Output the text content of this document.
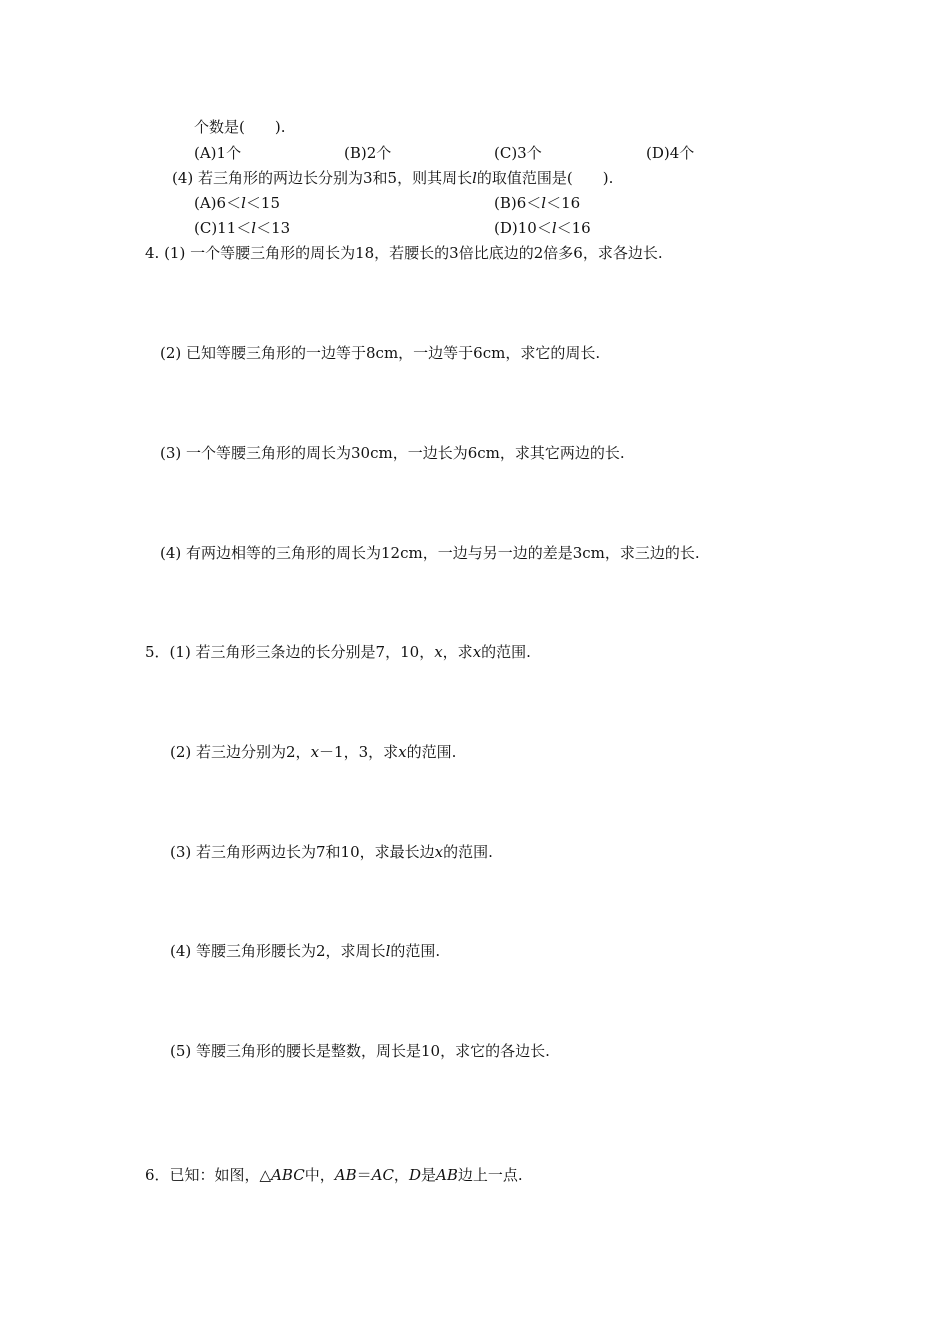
个数是(　　).
(A)1个	(B)2个	(C)3个	(D)4个
(4) 若三角形的两边长分别为3和5，则其周长l的取值范围是(　　).
(A)6＜l＜15	(B)6＜l＜16
(C)11＜l＜13	(D)10＜l＜16
4. (1) 一个等腰三角形的周长为18，若腰长的3倍比底边的2倍多6，求各边长.
(2) 已知等腰三角形的一边等于8cm，一边等于6cm，求它的周长.
(3) 一个等腰三角形的周长为30cm，一边长为6cm，求其它两边的长.
(4) 有两边相等的三角形的周长为12cm，一边与另一边的差是3cm，求三边的长.
5．(1) 若三角形三条边的长分别是7，10，x，求x的范围.
(2) 若三边分别为2，x－1，3，求x的范围.
(3) 若三角形两边长为7和10，求最长边x的范围.
(4) 等腰三角形腰长为2，求周长l的范围.
(5) 等腰三角形的腰长是整数，周长是10，求它的各边长.
6．已知：如图，△ABC中，AB＝AC，D是AB边上一点.
